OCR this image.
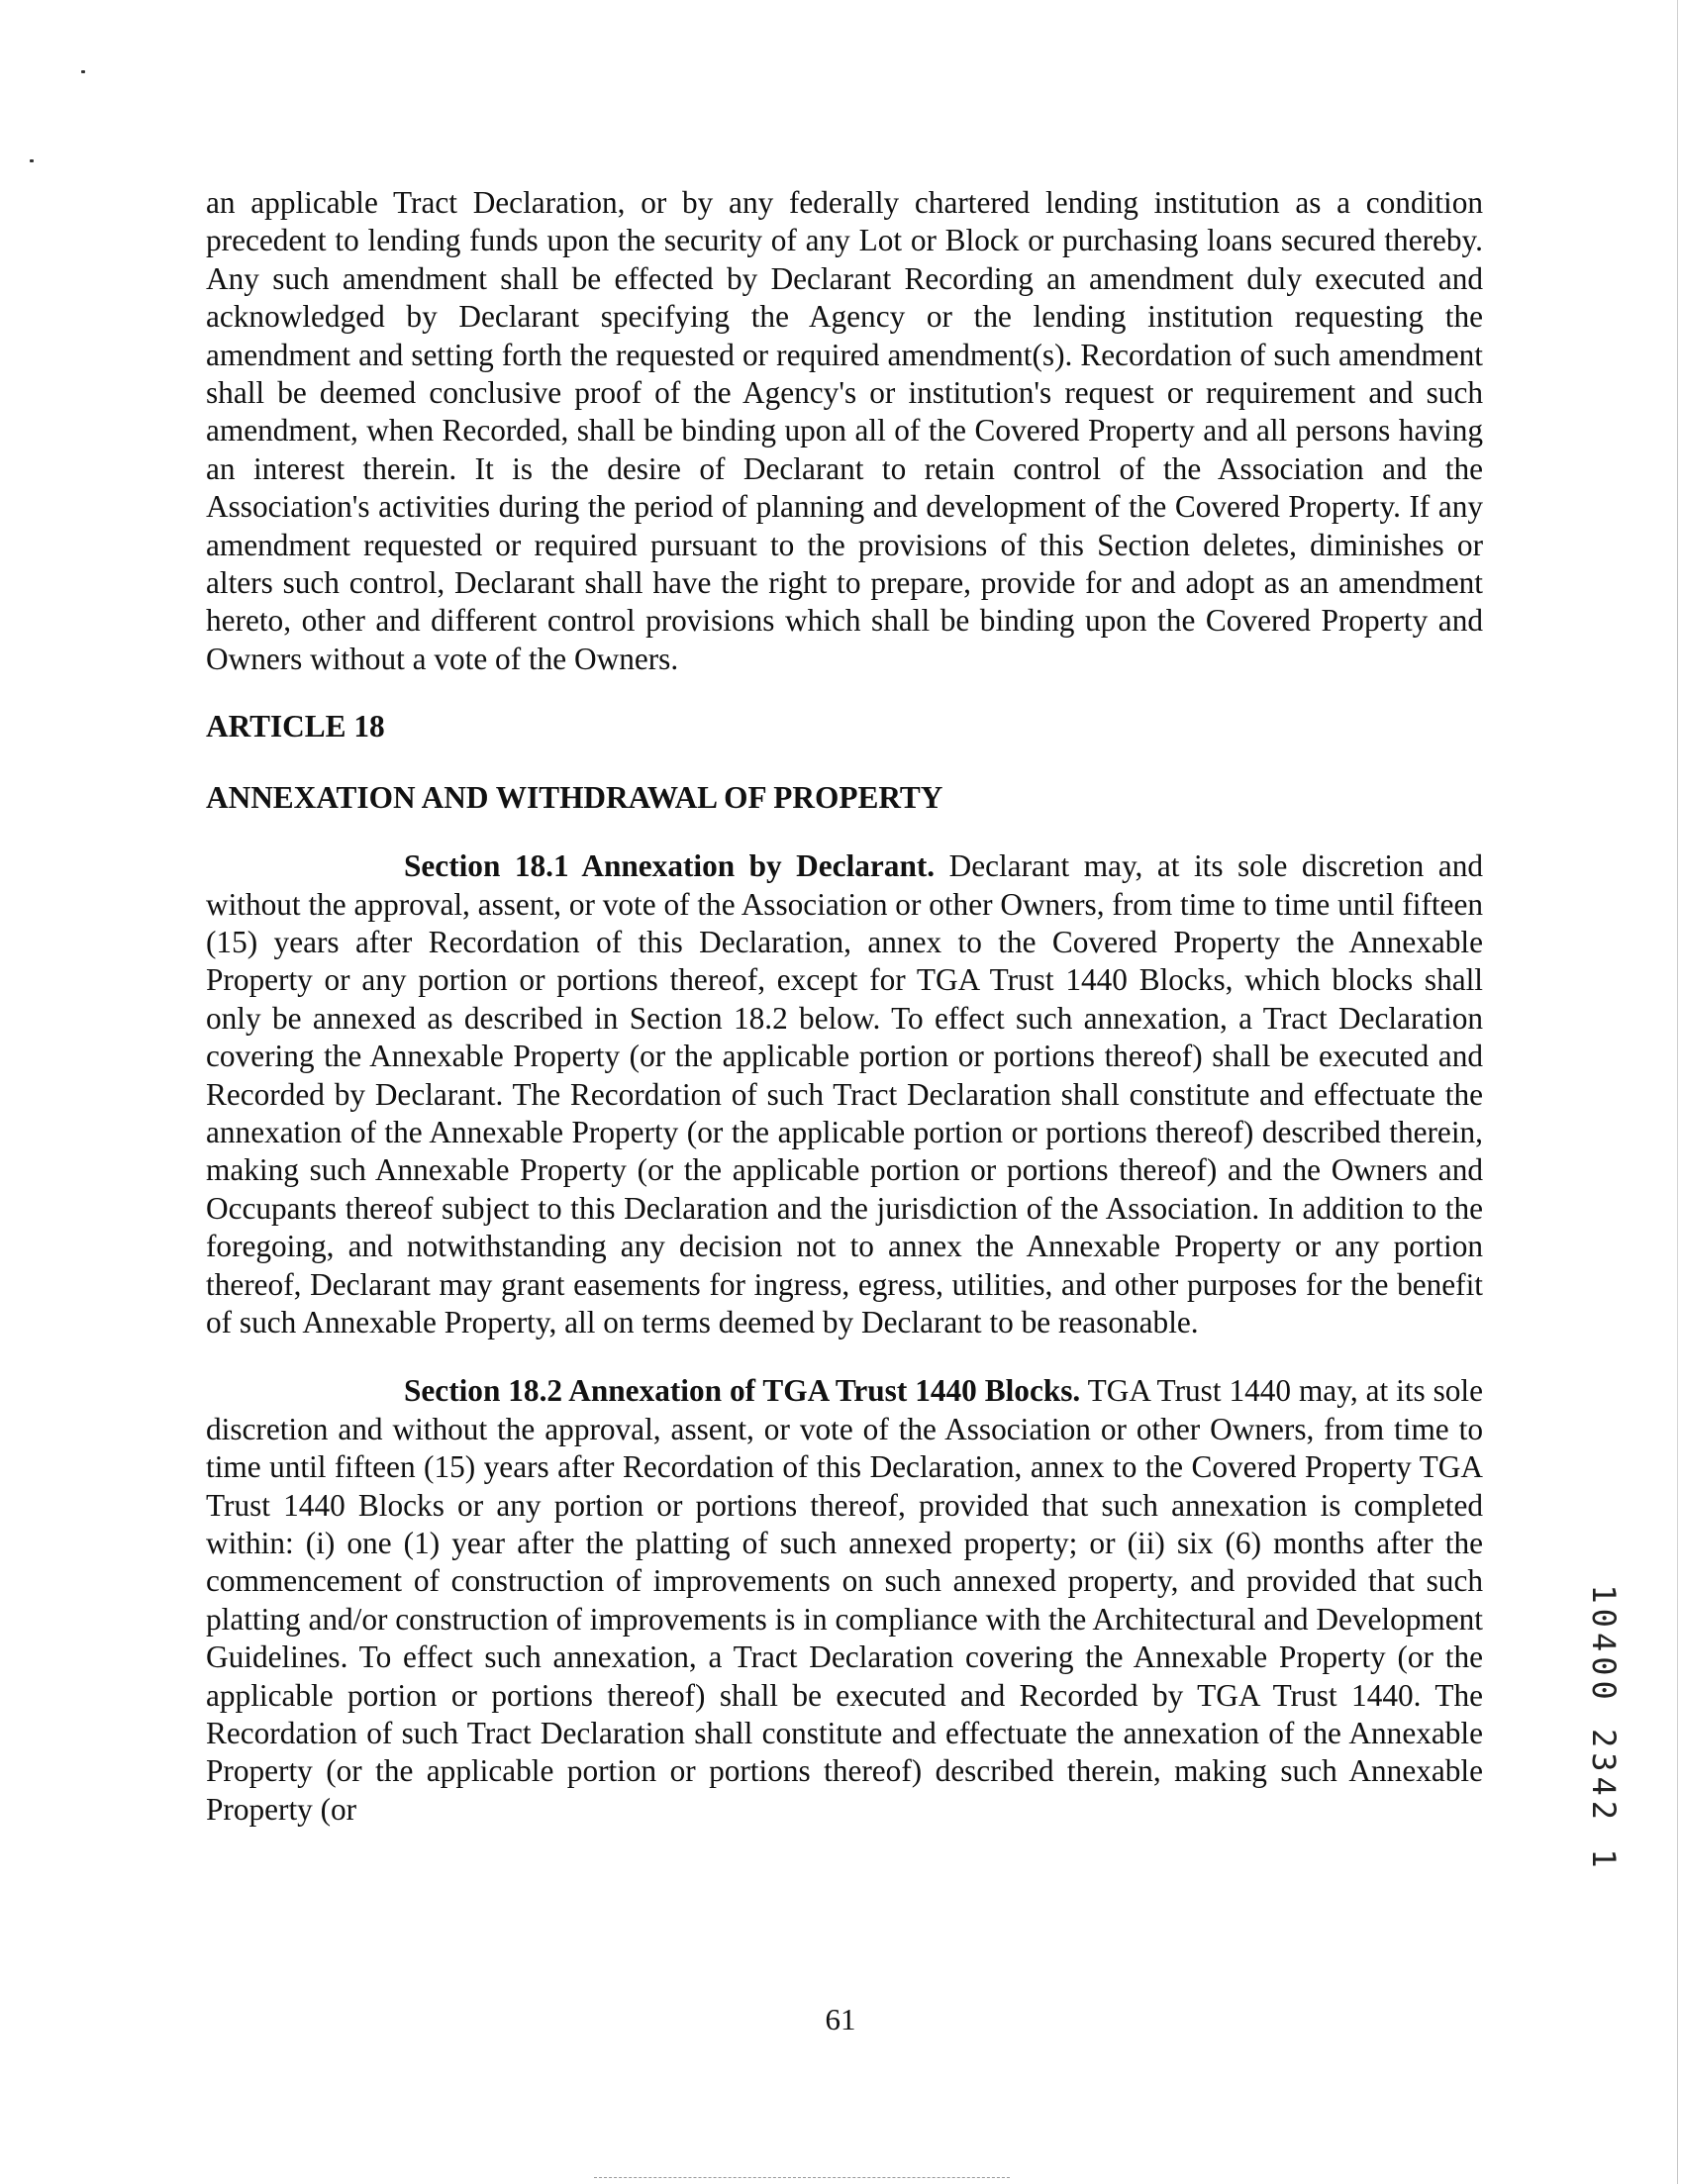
an applicable Tract Declaration, or by any federally chartered lending institution as a condition precedent to lending funds upon the security of any Lot or Block or purchasing loans secured thereby. Any such amendment shall be effected by Declarant Recording an amendment duly executed and acknowledged by Declarant specifying the Agency or the lending institution requesting the amendment and setting forth the requested or required amendment(s). Recordation of such amendment shall be deemed conclusive proof of the Agency's or institution's request or requirement and such amendment, when Recorded, shall be binding upon all of the Covered Property and all persons having an interest therein. It is the desire of Declarant to retain control of the Association and the Association's activities during the period of planning and development of the Covered Property. If any amendment requested or required pursuant to the provisions of this Section deletes, diminishes or alters such control, Declarant shall have the right to prepare, provide for and adopt as an amendment hereto, other and different control provisions which shall be binding upon the Covered Property and Owners without a vote of the Owners.

ARTICLE 18

ANNEXATION AND WITHDRAWAL OF PROPERTY

Section 18.1 Annexation by Declarant. Declarant may, at its sole discretion and without the approval, assent, or vote of the Association or other Owners, from time to time until fifteen (15) years after Recordation of this Declaration, annex to the Covered Property the Annexable Property or any portion or portions thereof, except for TGA Trust 1440 Blocks, which blocks shall only be annexed as described in Section 18.2 below. To effect such annexation, a Tract Declaration covering the Annexable Property (or the applicable portion or portions thereof) shall be executed and Recorded by Declarant. The Recordation of such Tract Declaration shall constitute and effectuate the annexation of the Annexable Property (or the applicable portion or portions thereof) described therein, making such Annexable Property (or the applicable portion or portions thereof) and the Owners and Occupants thereof subject to this Declaration and the jurisdiction of the Association. In addition to the foregoing, and notwithstanding any decision not to annex the Annexable Property or any portion thereof, Declarant may grant easements for ingress, egress, utilities, and other purposes for the benefit of such Annexable Property, all on terms deemed by Declarant to be reasonable.

Section 18.2 Annexation of TGA Trust 1440 Blocks. TGA Trust 1440 may, at its sole discretion and without the approval, assent, or vote of the Association or other Owners, from time to time until fifteen (15) years after Recordation of this Declaration, annex to the Covered Property TGA Trust 1440 Blocks or any portion or portions thereof, provided that such annexation is completed within: (i) one (1) year after the platting of such annexed property; or (ii) six (6) months after the commencement of construction of improvements on such annexed property, and provided that such platting and/or construction of improvements is in compliance with the Architectural and Development Guidelines. To effect such annexation, a Tract Declaration covering the Annexable Property (or the applicable portion or portions thereof) shall be executed and Recorded by TGA Trust 1440. The Recordation of such Tract Declaration shall constitute and effectuate the annexation of the Annexable Property (or the applicable portion or portions thereof) described therein, making such Annexable Property (or

61
10400 2342 1
